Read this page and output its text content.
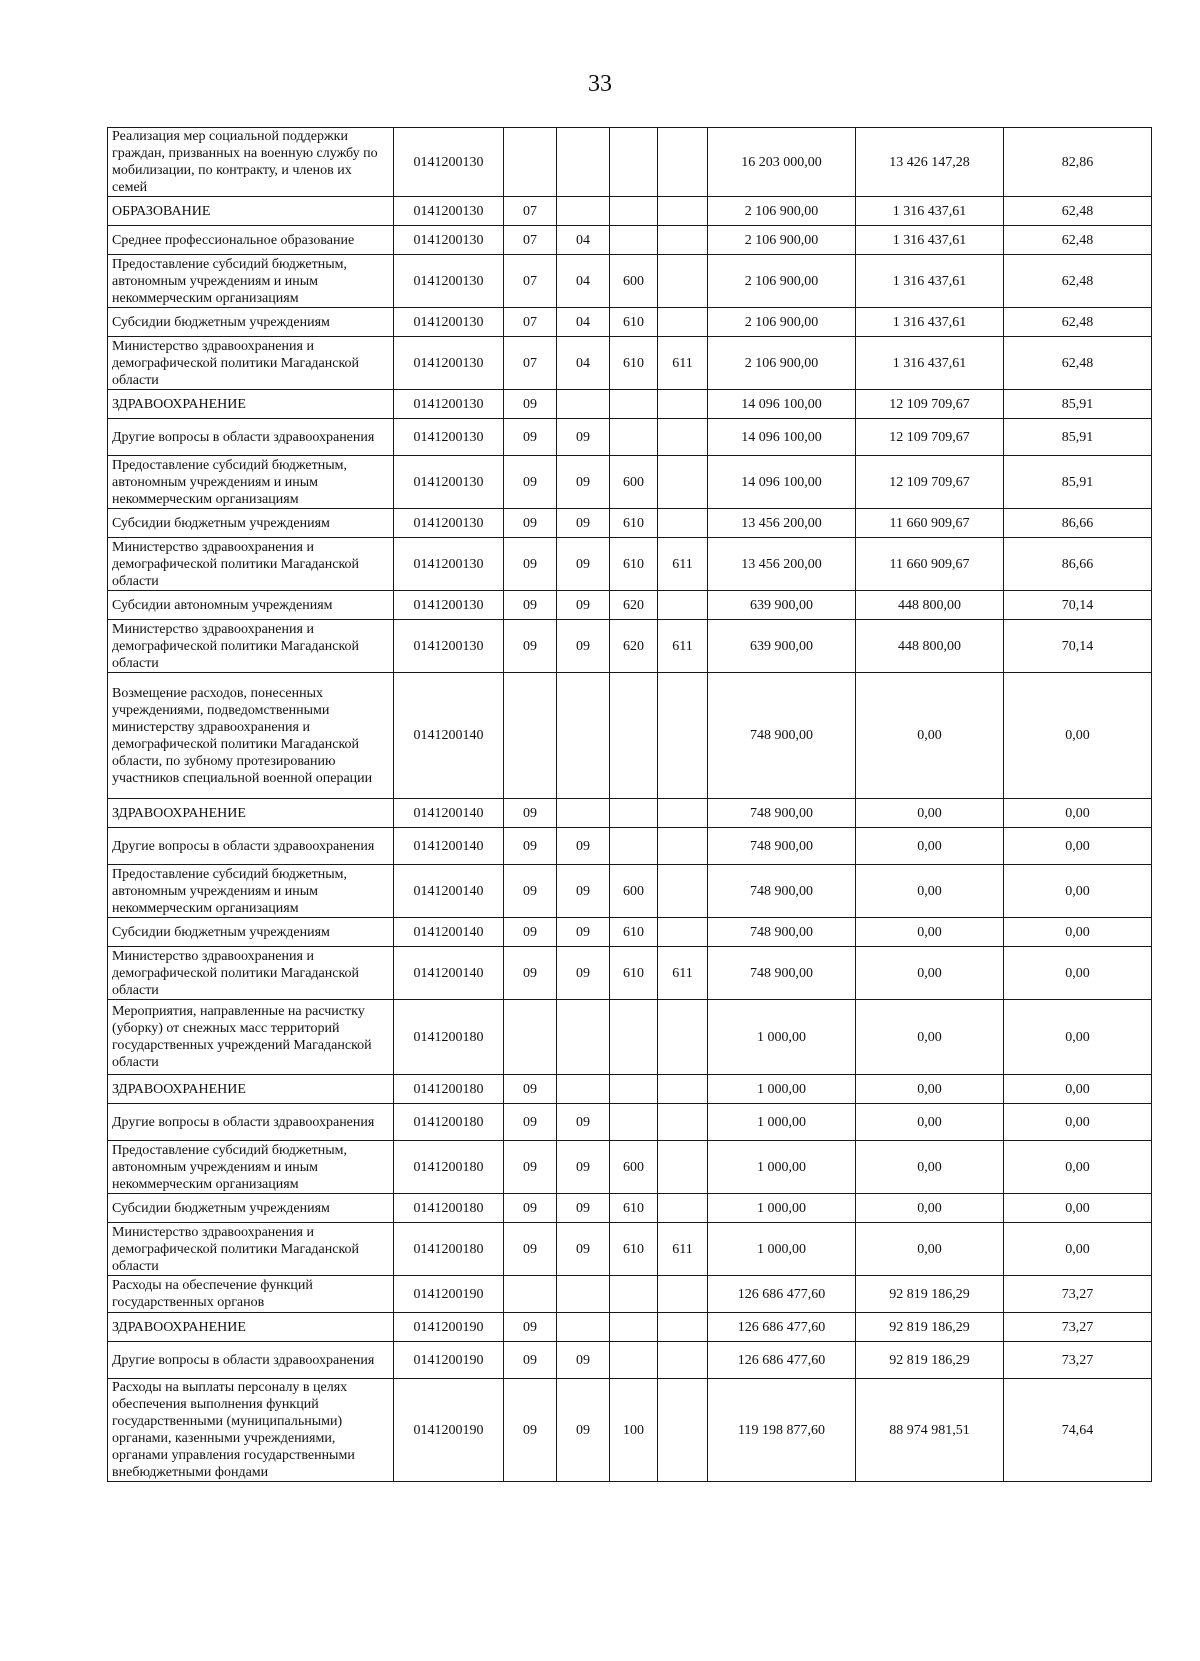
33
Реализация мер социальной поддержки граждан, призванных на военную службу по мобилизации, по контракту, и членов их семей	0141200130					16 203 000,00	13 426 147,28	82,86
ОБРАЗОВАНИЕ	0141200130	07				2 106 900,00	1 316 437,61	62,48
Среднее профессиональное образование	0141200130	07	04			2 106 900,00	1 316 437,61	62,48
Предоставление субсидий бюджетным, автономным учреждениям и иным некоммерческим организациям	0141200130	07	04	600		2 106 900,00	1 316 437,61	62,48
Субсидии бюджетным учреждениям	0141200130	07	04	610		2 106 900,00	1 316 437,61	62,48
Министерство здравоохранения и демографической политики Магаданской области	0141200130	07	04	610	611	2 106 900,00	1 316 437,61	62,48
ЗДРАВООХРАНЕНИЕ	0141200130	09				14 096 100,00	12 109 709,67	85,91
Другие вопросы в области здравоохранения	0141200130	09	09			14 096 100,00	12 109 709,67	85,91
Предоставление субсидий бюджетным, автономным учреждениям и иным некоммерческим организациям	0141200130	09	09	600		14 096 100,00	12 109 709,67	85,91
Субсидии бюджетным учреждениям	0141200130	09	09	610		13 456 200,00	11 660 909,67	86,66
Министерство здравоохранения и демографической политики Магаданской области	0141200130	09	09	610	611	13 456 200,00	11 660 909,67	86,66
Субсидии автономным учреждениям	0141200130	09	09	620		639 900,00	448 800,00	70,14
Министерство здравоохранения и демографической политики Магаданской области	0141200130	09	09	620	611	639 900,00	448 800,00	70,14
Возмещение расходов, понесенных учреждениями, подведомственными министерству здравоохранения и демографической политики Магаданской области, по зубному протезированию участников специальной военной операции	0141200140					748 900,00	0,00	0,00
ЗДРАВООХРАНЕНИЕ	0141200140	09				748 900,00	0,00	0,00
Другие вопросы в области здравоохранения	0141200140	09	09			748 900,00	0,00	0,00
Предоставление субсидий бюджетным, автономным учреждениям и иным некоммерческим организациям	0141200140	09	09	600		748 900,00	0,00	0,00
Субсидии бюджетным учреждениям	0141200140	09	09	610		748 900,00	0,00	0,00
Министерство здравоохранения и демографической политики Магаданской области	0141200140	09	09	610	611	748 900,00	0,00	0,00
Мероприятия, направленные на расчистку (уборку) от снежных масс территорий государственных учреждений Магаданской области	0141200180					1 000,00	0,00	0,00
ЗДРАВООХРАНЕНИЕ	0141200180	09				1 000,00	0,00	0,00
Другие вопросы в области здравоохранения	0141200180	09	09			1 000,00	0,00	0,00
Предоставление субсидий бюджетным, автономным учреждениям и иным некоммерческим организациям	0141200180	09	09	600		1 000,00	0,00	0,00
Субсидии бюджетным учреждениям	0141200180	09	09	610		1 000,00	0,00	0,00
Министерство здравоохранения и демографической политики Магаданской области	0141200180	09	09	610	611	1 000,00	0,00	0,00
Расходы на обеспечение функций государственных органов	0141200190					126 686 477,60	92 819 186,29	73,27
ЗДРАВООХРАНЕНИЕ	0141200190	09				126 686 477,60	92 819 186,29	73,27
Другие вопросы в области здравоохранения	0141200190	09	09			126 686 477,60	92 819 186,29	73,27
Расходы на выплаты персоналу в целях обеспечения выполнения функций государственными (муниципальными) органами, казенными учреждениями, органами управления государственными внебюджетными фондами	0141200190	09	09	100		119 198 877,60	88 974 981,51	74,64
